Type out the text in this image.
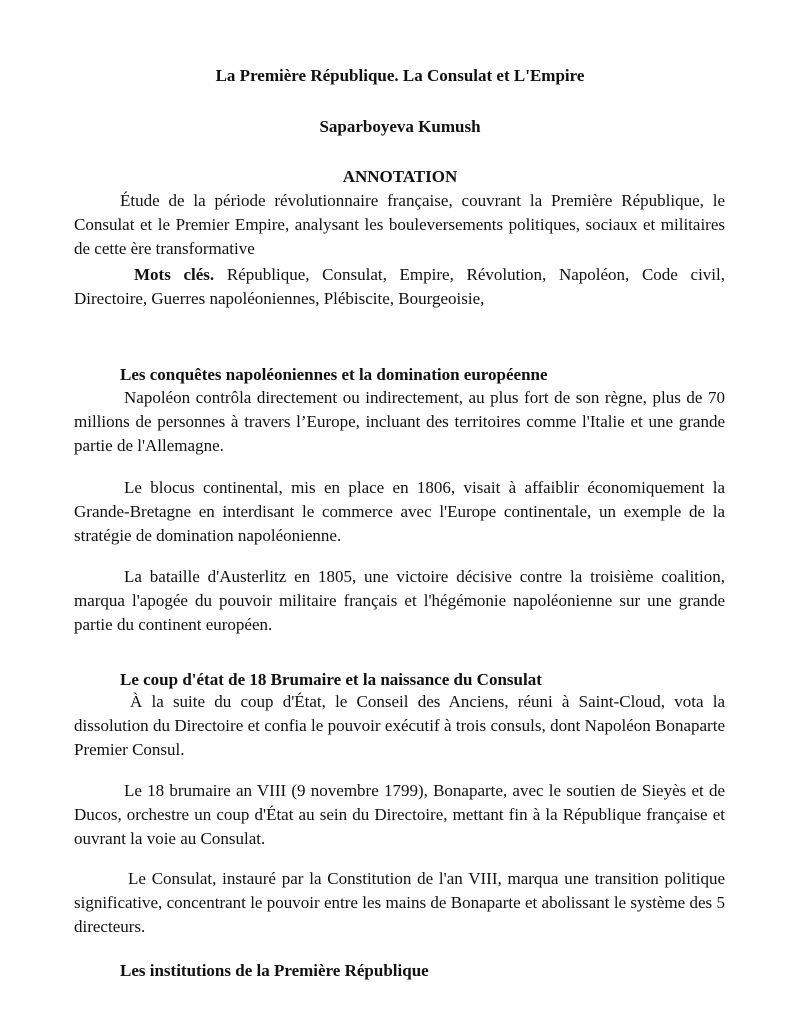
La Première République. La Consulat et L'Empire
Saparboyeva Kumush
ANNOTATION

Étude de la période révolutionnaire française, couvrant la Première République, le Consulat et le Premier Empire, analysant les bouleversements politiques, sociaux et militaires de cette ère transformative

Mots clés. République, Consulat, Empire, Révolution, Napoléon, Code civil, Directoire, Guerres napoléoniennes, Plébiscite, Bourgeoisie,

Les conquêtes napoléoniennes et la domination européenne

Napoléon contrôla directement ou indirectement, au plus fort de son règne, plus de 70 millions de personnes à travers l’Europe, incluant des territoires comme l'Italie et une grande partie de l'Allemagne.

Le blocus continental, mis en place en 1806, visait à affaiblir économiquement la Grande-Bretagne en interdisant le commerce avec l'Europe continentale, un exemple de la stratégie de domination napoléonienne.

La bataille d'Austerlitz en 1805, une victoire décisive contre la troisième coalition, marqua l'apogée du pouvoir militaire français et l'hégémonie napoléonienne sur une grande partie du continent européen.

Le coup d'état de 18 Brumaire et la naissance du Consulat

À la suite du coup d'État, le Conseil des Anciens, réuni à Saint-Cloud, vota la dissolution du Directoire et confia le pouvoir exécutif à trois consuls, dont Napoléon Bonaparte Premier Consul.

Le 18 brumaire an VIII (9 novembre 1799), Bonaparte, avec le soutien de Sieyès et de Ducos, orchestre un coup d'État au sein du Directoire, mettant fin à la République française et ouvrant la voie au Consulat.

Le Consulat, instauré par la Constitution de l'an VIII, marqua une transition politique significative, concentrant le pouvoir entre les mains de Bonaparte et abolissant le système des 5 directeurs.

Les institutions de la Première République
